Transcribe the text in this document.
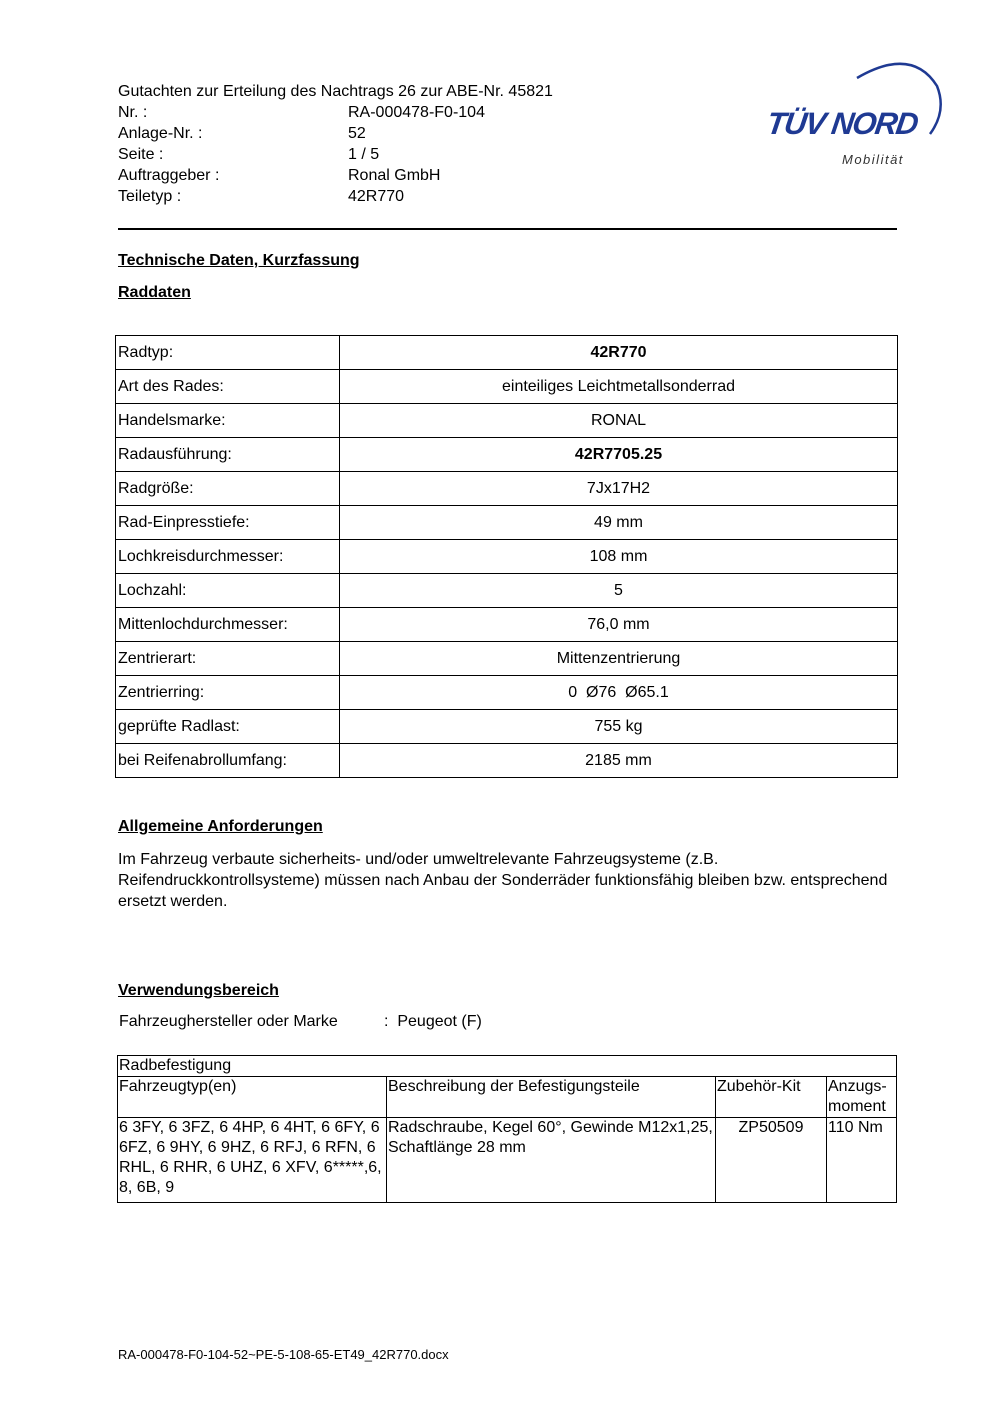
Gutachten zur Erteilung des Nachtrags 26 zur ABE-Nr. 45821
Nr. :	RA-000478-F0-104
Anlage-Nr. :	52
Seite :	1 / 5
Auftraggeber :	Ronal GmbH
Teiletyp :	42R770
TÜV NORD
Mobilität
Technische Daten, Kurzfassung
Raddaten
Radtyp:	42R770
Art des Rades:	einteiliges Leichtmetallsonderrad
Handelsmarke:	RONAL
Radausführung:	42R7705.25
Radgröße:	7Jx17H2
Rad-Einpresstiefe:	49 mm
Lochkreisdurchmesser:	108 mm
Lochzahl:	5
Mittenlochdurchmesser:	76,0 mm
Zentrierart:	Mittenzentrierung
Zentrierring:	0  Ø76  Ø65.1
geprüfte Radlast:	755 kg
bei Reifenabrollumfang:	2185 mm
Allgemeine Anforderungen
Im Fahrzeug verbaute sicherheits- und/oder umweltrelevante Fahrzeugsysteme (z.B. Reifendruckkontrollsysteme) müssen nach Anbau der Sonderräder funktionsfähig bleiben bzw. entsprechend ersetzt werden.
Verwendungsbereich
Fahrzeughersteller oder Marke	: Peugeot (F)
Radbefestigung			
Fahrzeugtyp(en)	Beschreibung der Befestigungsteile	Zubehör-Kit	Anzugs-moment
6 3FY, 6 3FZ, 6 4HP, 6 4HT, 6 6FY, 6 6FZ, 6 9HY, 6 9HZ, 6 RFJ, 6 RFN, 6 RHL, 6 RHR, 6 UHZ, 6 XFV, 6*****,6, 8, 6B, 9	Radschraube, Kegel 60°, Gewinde M12x1,25, Schaftlänge 28 mm	ZP50509	110 Nm
RA-000478-F0-104-52~PE-5-108-65-ET49_42R770.docx
